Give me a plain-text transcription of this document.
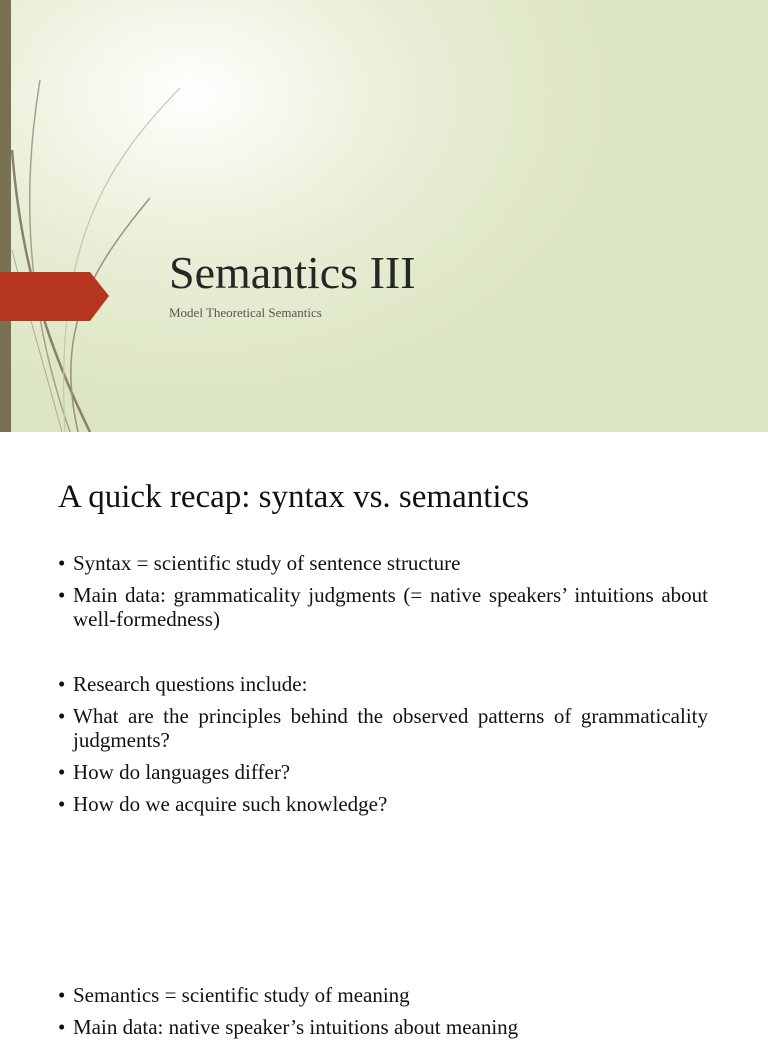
Semantics III
Model Theoretical Semantics
A quick recap: syntax vs. semantics
• Syntax = scientific study of sentence structure
• Main data: grammaticality judgments (= native speakers’ intuitions about well-formedness)
• Research questions include:
• What are the principles behind the observed patterns of grammaticality judgments?
• How do languages differ?
• How do we acquire such knowledge?
• Semantics = scientific study of meaning
• Main data: native speaker’s intuitions about meaning
